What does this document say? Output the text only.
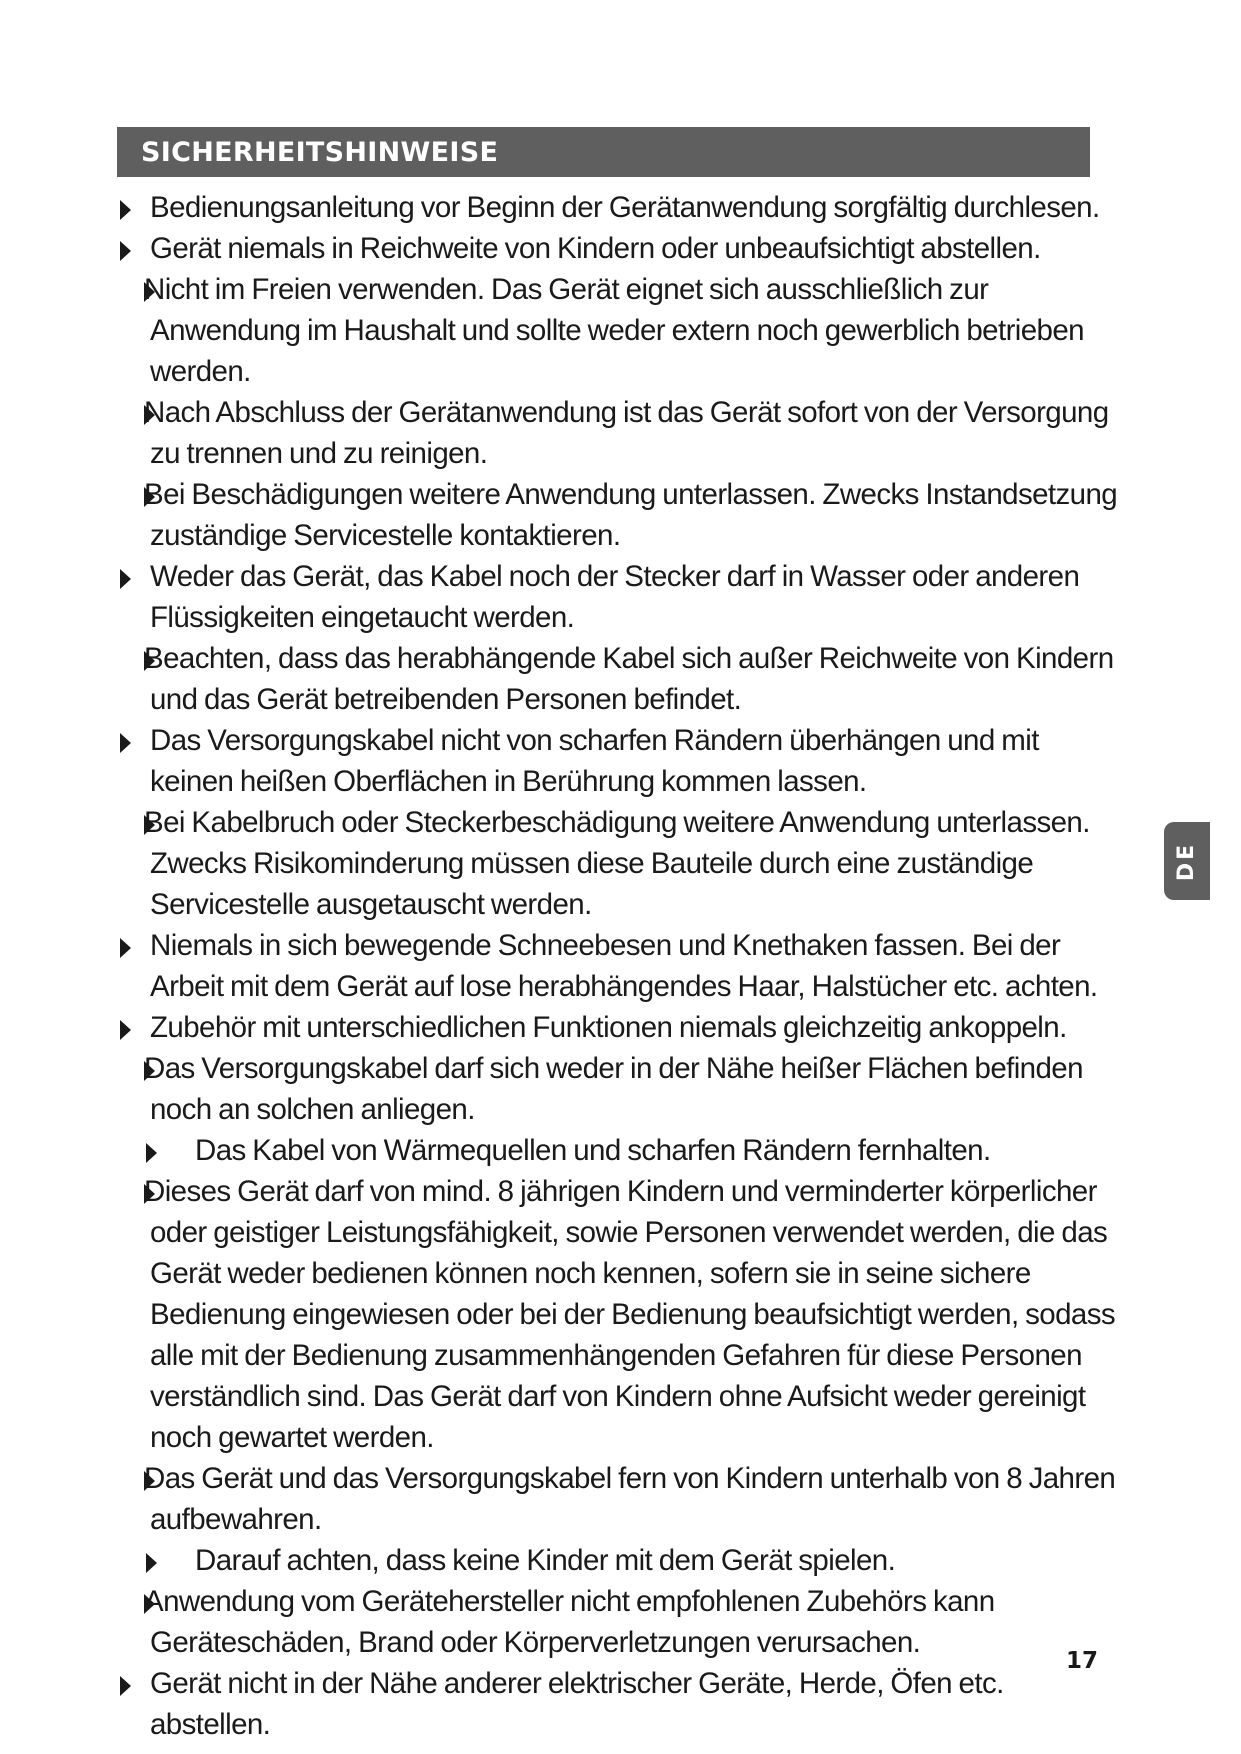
SICHERHEITSHINWEISE
Bedienungsanleitung vor Beginn der Gerätanwendung sorgfältig durchlesen.
Gerät niemals in Reichweite von Kindern oder unbeaufsichtigt abstellen.
Nicht im Freien verwenden. Das Gerät eignet sich ausschließlich zur Anwendung im Haushalt und sollte weder extern noch gewerblich betrieben werden.
Nach Abschluss der Gerätanwendung ist das Gerät sofort von der Versorgung zu trennen und zu reinigen.
Bei Beschädigungen weitere Anwendung unterlassen. Zwecks Instandsetzung zuständige Servicestelle kontaktieren.
Weder das Gerät, das Kabel noch der Stecker darf in Wasser oder anderen Flüssigkeiten eingetaucht werden.
Beachten, dass das herabhängende Kabel sich außer Reichweite von Kindern und das Gerät betreibenden Personen befindet.
Das Versorgungskabel nicht von scharfen Rändern überhängen und mit keinen heißen Oberflächen in Berührung kommen lassen.
Bei Kabelbruch oder Steckerbeschädigung weitere Anwendung unterlassen. Zwecks Risikominderung müssen diese Bauteile durch eine zuständige Servicestelle ausgetauscht werden.
Niemals in sich bewegende Schneebesen und Knethaken fassen. Bei der Arbeit mit dem Gerät auf lose herabhängendes Haar, Halstücher etc. achten.
Zubehör mit unterschiedlichen Funktionen niemals gleichzeitig ankoppeln.
Das Versorgungskabel darf sich weder in der Nähe heißer Flächen befinden noch an solchen anliegen.
Das Kabel von Wärmequellen und scharfen Rändern fernhalten.
Dieses Gerät darf von mind. 8 jährigen Kindern und verminderter körperlicher oder geistiger Leistungsfähigkeit, sowie Personen verwendet werden, die das Gerät weder bedienen können noch kennen, sofern sie in seine sichere Bedienung eingewiesen oder bei der Bedienung beaufsichtigt werden, sodass alle mit der Bedienung zusammenhängenden Gefahren für diese Personen verständlich sind. Das Gerät darf von Kindern ohne Aufsicht weder gereinigt noch gewartet werden.
Das Gerät und das Versorgungskabel fern von Kindern unterhalb von 8 Jahren aufbewahren.
Darauf achten, dass keine Kinder mit dem Gerät spielen.
Anwendung vom Gerätehersteller nicht empfohlenen Zubehörs kann Geräteschäden, Brand oder Körperverletzungen verursachen.
Gerät nicht in der Nähe anderer elektrischer Geräte, Herde, Öfen etc. abstellen.
DE
17
